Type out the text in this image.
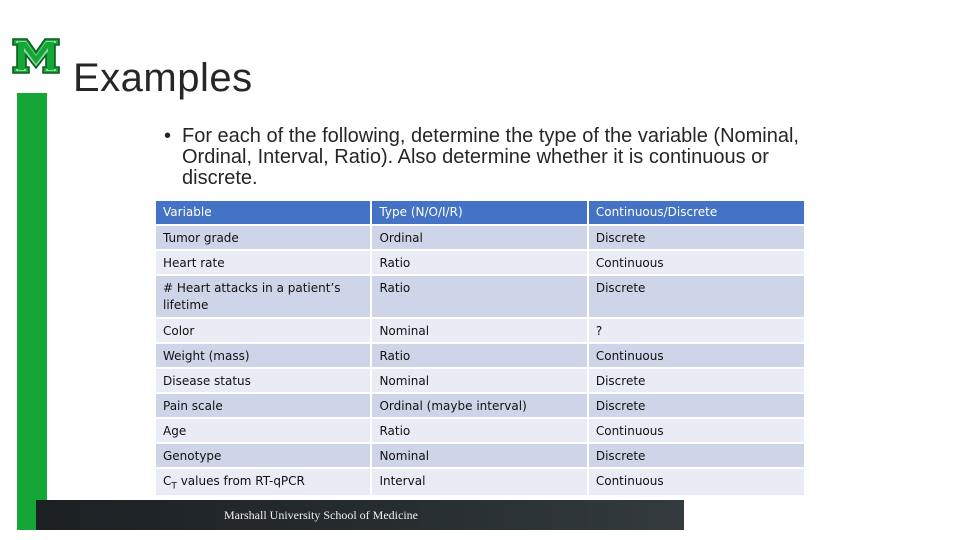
Examples
• For each of the following, determine the type of the variable (Nominal, Ordinal, Interval, Ratio). Also determine whether it is continuous or discrete.
Variable	Type (N/O/I/R)	Continuous/Discrete
Tumor grade	Ordinal	Discrete
Heart rate	Ratio	Continuous
# Heart attacks in a patient’s lifetime	Ratio	Discrete
Color	Nominal	?
Weight (mass)	Ratio	Continuous
Disease status	Nominal	Discrete
Pain scale	Ordinal (maybe interval)	Discrete
Age	Ratio	Continuous
Genotype	Nominal	Discrete
$C_T$ values from RT-qPCR	Interval	Continuous
Marshall University School of Medicine
